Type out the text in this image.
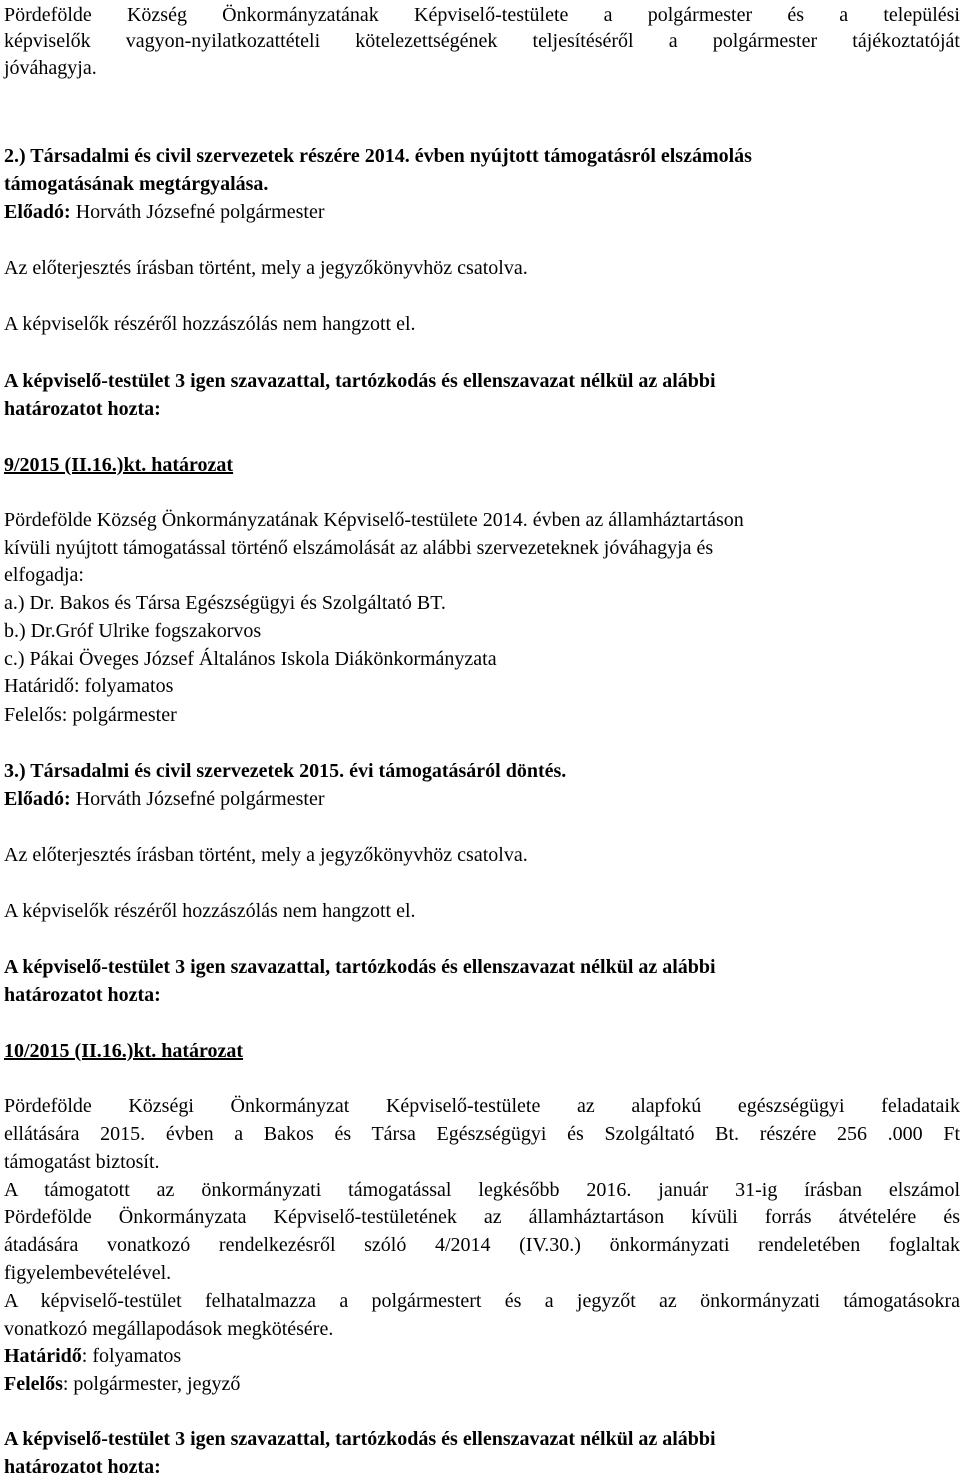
Pördefölde Község Önkormányzatának Képviselő-testülete a polgármester és a települési
képviselők vagyon-nyilatkozattételi kötelezettségének teljesítéséről a polgármester tájékoztatóját
jóváhagyja.
2.) Társadalmi és civil szervezetek részére 2014. évben nyújtott támogatásról elszámolás
támogatásának megtárgyalása.
Előadó: Horváth Józsefné polgármester
Az előterjesztés írásban történt, mely a jegyzőkönyvhöz csatolva.
A képviselők részéről hozzászólás nem hangzott el.
A képviselő-testület 3 igen szavazattal, tartózkodás és ellenszavazat nélkül az alábbi
határozatot hozta:
9/2015 (II.16.)kt. határozat
Pördefölde Község Önkormányzatának Képviselő-testülete 2014. évben az államháztartáson
kívüli nyújtott támogatással történő elszámolását az alábbi szervezeteknek jóváhagyja és
elfogadja:
a.) Dr. Bakos és Társa Egészségügyi és Szolgáltató BT.
b.) Dr.Gróf Ulrike fogszakorvos
c.) Pákai Öveges József Általános Iskola Diákönkormányzata
Határidő: folyamatos
Felelős: polgármester
3.) Társadalmi és civil szervezetek 2015. évi támogatásáról döntés.
Előadó: Horváth Józsefné polgármester
Az előterjesztés írásban történt, mely a jegyzőkönyvhöz csatolva.
A képviselők részéről hozzászólás nem hangzott el.
A képviselő-testület 3 igen szavazattal, tartózkodás és ellenszavazat nélkül az alábbi
határozatot hozta:
10/2015 (II.16.)kt. határozat
Pördefölde Községi Önkormányzat Képviselő-testülete az alapfokú egészségügyi feladataik
ellátására 2015. évben a Bakos és Társa Egészségügyi és Szolgáltató Bt. részére 256 .000 Ft
támogatást biztosít.
A támogatott az önkormányzati támogatással legkésőbb 2016. január 31-ig írásban elszámol
Pördefölde Önkormányzata Képviselő-testületének az államháztartáson kívüli forrás átvételére és
átadására vonatkozó rendelkezésről szóló 4/2014 (IV.30.) önkormányzati rendeletében foglaltak
figyelembevételével.
A képviselő-testület felhatalmazza a polgármestert és a jegyzőt az önkormányzati támogatásokra
vonatkozó megállapodások megkötésére.
Határidő: folyamatos
Felelős: polgármester, jegyző
A képviselő-testület 3 igen szavazattal, tartózkodás és ellenszavazat nélkül az alábbi
határozatot hozta:
